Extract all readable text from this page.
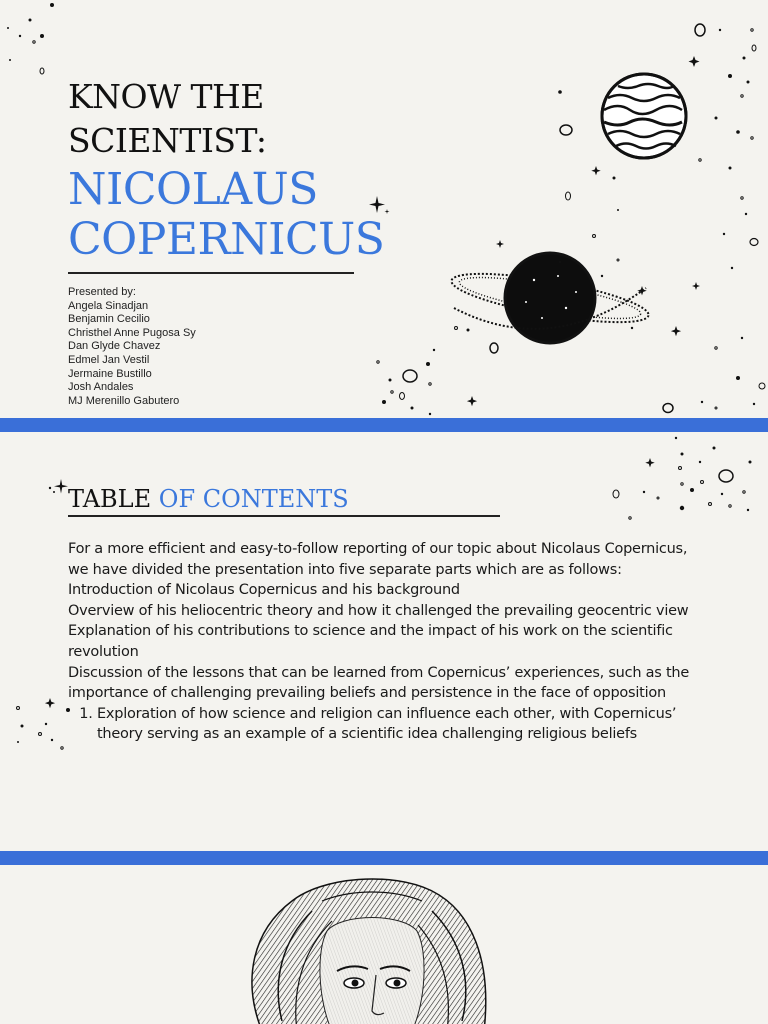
KNOW THE
SCIENTIST:
NICOLAUS
COPERNICUS
Presented by:
Angela Sinadjan
Benjamin Cecilio
Christhel Anne Pugosa Sy
Dan Glyde Chavez
Edmel Jan Vestil
Jermaine Bustillo
Josh Andales
MJ Merenillo Gabutero
TABLE OF CONTENTS

For a more efficient and easy-to-follow reporting of our topic about Nicolaus Copernicus, we have divided the presentation into five separate parts which are as follows:

Introduction of Nicolaus Copernicus and his background

Overview of his heliocentric theory and how it challenged the prevailing geocentric view

Explanation of his contributions to science and the impact of his work on the scientific revolution

Discussion of the lessons that can be learned from Copernicus’ experiences, such as the importance of challenging prevailing beliefs and persistence in the face of opposition

1. Exploration of how science and religion can influence each other, with Copernicus’ theory serving as an example of a scientific idea challenging religious beliefs
